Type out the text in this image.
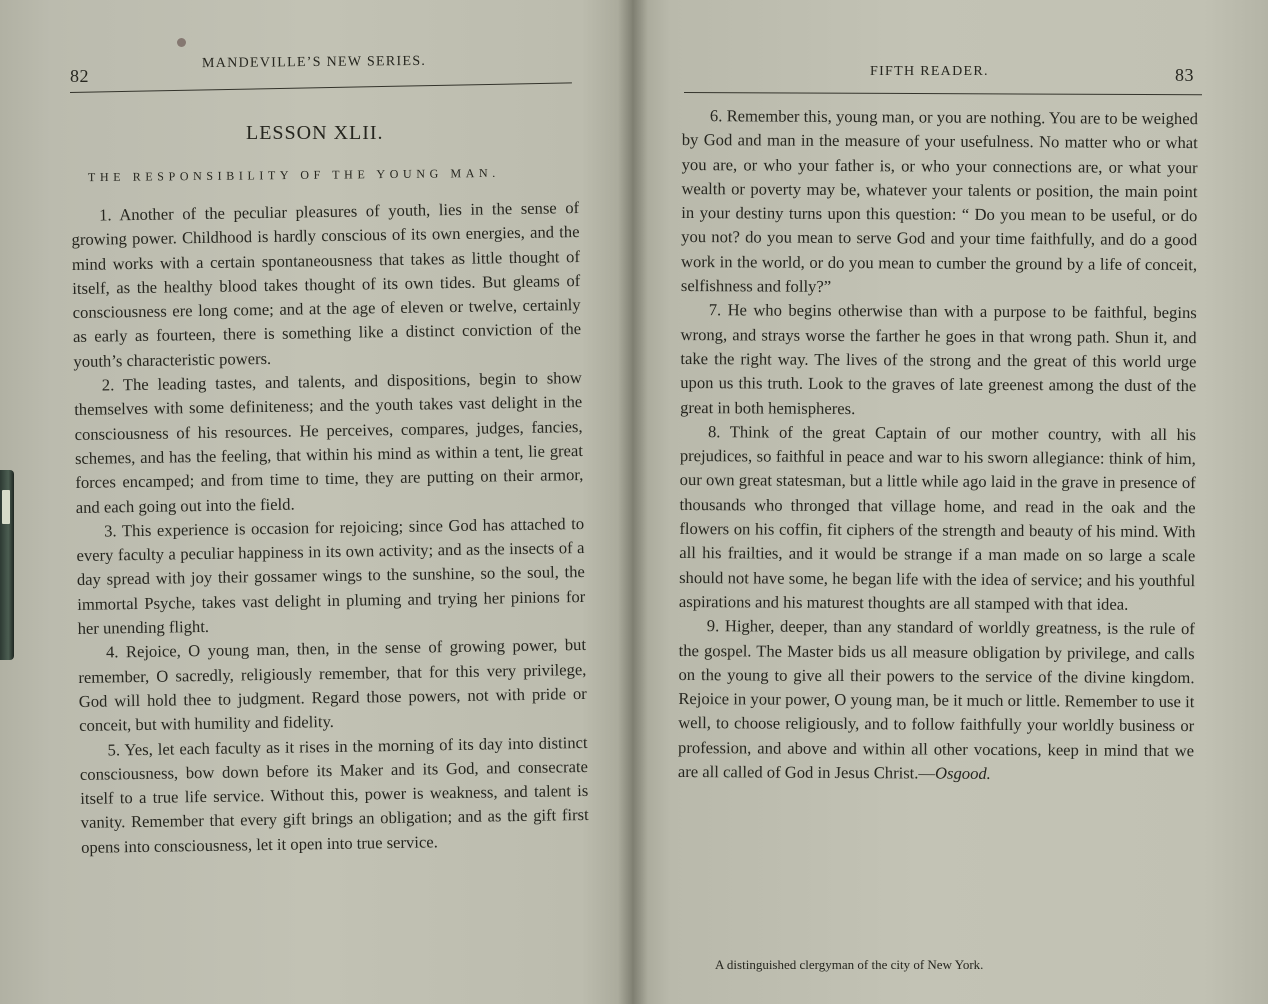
82
MANDEVILLE’S NEW SERIES.
LESSON XLII.
THE RESPONSIBILITY OF THE YOUNG MAN.

1. Another of the peculiar pleasures of youth, lies in the sense of growing power. Childhood is hardly conscious of its own energies, and the mind works with a certain spontaneousness that takes as little thought of itself, as the healthy blood takes thought of its own tides. But gleams of consciousness ere long come; and at the age of eleven or twelve, certainly as early as fourteen, there is something like a distinct conviction of the youth’s characteristic powers.

2. The leading tastes, and talents, and dispositions, begin to show themselves with some definiteness; and the youth takes vast delight in the consciousness of his resources. He perceives, compares, judges, fancies, schemes, and has the feeling, that within his mind as within a tent, lie great forces encamped; and from time to time, they are putting on their armor, and each going out into the field.

3. This experience is occasion for rejoicing; since God has attached to every faculty a peculiar happiness in its own activity; and as the insects of a day spread with joy their gossamer wings to the sunshine, so the soul, the immortal Psyche, takes vast delight in pluming and trying her pinions for her unending flight.

4. Rejoice, O young man, then, in the sense of growing power, but remember, O sacredly, religiously remember, that for this very privilege, God will hold thee to judgment. Regard those powers, not with pride or conceit, but with humility and fidelity.

5. Yes, let each faculty as it rises in the morning of its day into distinct consciousness, bow down before its Maker and its God, and consecrate itself to a true life service. Without this, power is weakness, and talent is vanity. Remember that every gift brings an obligation; and as the gift first opens into consciousness, let it open into true service.

FIFTH READER.	83

6. Remember this, young man, or you are nothing. You are to be weighed by God and man in the measure of your usefulness. No matter who or what you are, or who your father is, or who your connections are, or what your wealth or poverty may be, whatever your talents or position, the main point in your destiny turns upon this question: “ Do you mean to be useful, or do you not? do you mean to serve God and your time faithfully, and do a good work in the world, or do you mean to cumber the ground by a life of conceit, selfishness and folly?”

7. He who begins otherwise than with a purpose to be faithful, begins wrong, and strays worse the farther he goes in that wrong path. Shun it, and take the right way. The lives of the strong and the great of this world urge upon us this truth. Look to the graves of late greenest among the dust of the great in both hemispheres.

8. Think of the great Captain of our mother country, with all his prejudices, so faithful in peace and war to his sworn allegiance: think of him, our own great statesman, but a little while ago laid in the grave in presence of thousands who thronged that village home, and read in the oak and the flowers on his coffin, fit ciphers of the strength and beauty of his mind. With all his frailties, and it would be strange if a man made on so large a scale should not have some, he began life with the idea of service; and his youthful aspirations and his maturest thoughts are all stamped with that idea.

9. Higher, deeper, than any standard of worldly greatness, is the rule of the gospel. The Master bids us all measure obligation by privilege, and calls on the young to give all their powers to the service of the divine kingdom. Rejoice in your power, O young man, be it much or little. Remember to use it well, to choose religiously, and to follow faithfully your worldly business or profession, and above and within all other vocations, keep in mind that we are all called of God in Jesus Christ.—Osgood.

A distinguished clergyman of the city of New York.
